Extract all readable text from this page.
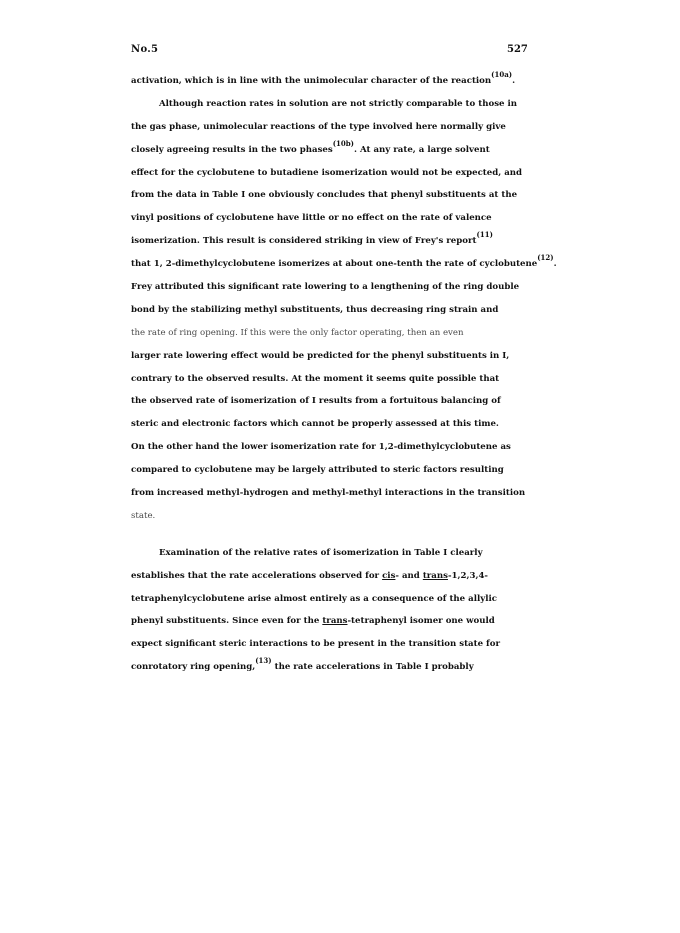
No.5	527
activation, which is in line with the unimolecular character of the reaction$^{(10a)}$.
Although reaction rates in solution are not strictly comparable to those in
the gas phase, unimolecular reactions of the type involved here normally give
closely agreeing results in the two phases$^{(10b)}$. At any rate, a large solvent
effect for the cyclobutene to butadiene isomerization would not be expected, and
from the data in Table I one obviously concludes that phenyl substituents at the
vinyl positions of cyclobutene have little or no effect on the rate of valence
isomerization. This result is considered striking in view of Frey's report$^{(11)}$
that 1, 2-dimethylcyclobutene isomerizes at about one-tenth the rate of cyclobutene$^{(12)}$.
Frey attributed this significant rate lowering to a lengthening of the ring double
bond by the stabilizing methyl substituents, thus decreasing ring strain and
the rate of ring opening. If this were the only factor operating, then an even
larger rate lowering effect would be predicted for the phenyl substituents in I,
contrary to the observed results. At the moment it seems quite possible that
the observed rate of isomerization of I results from a fortuitous balancing of
steric and electronic factors which cannot be properly assessed at this time.
On the other hand the lower isomerization rate for 1,2-dimethylcyclobutene as
compared to cyclobutene may be largely attributed to steric factors resulting
from increased methyl-hydrogen and methyl-methyl interactions in the transition
state.
Examination of the relative rates of isomerization in Table I clearly
establishes that the rate accelerations observed for cis- and trans-1,2,3,4-
tetraphenylcyclobutene arise almost entirely as a consequence of the allylic
phenyl substituents. Since even for the trans-tetraphenyl isomer one would
expect significant steric interactions to be present in the transition state for
conrotatory ring opening,$^{(13)}$ the rate accelerations in Table I probably
